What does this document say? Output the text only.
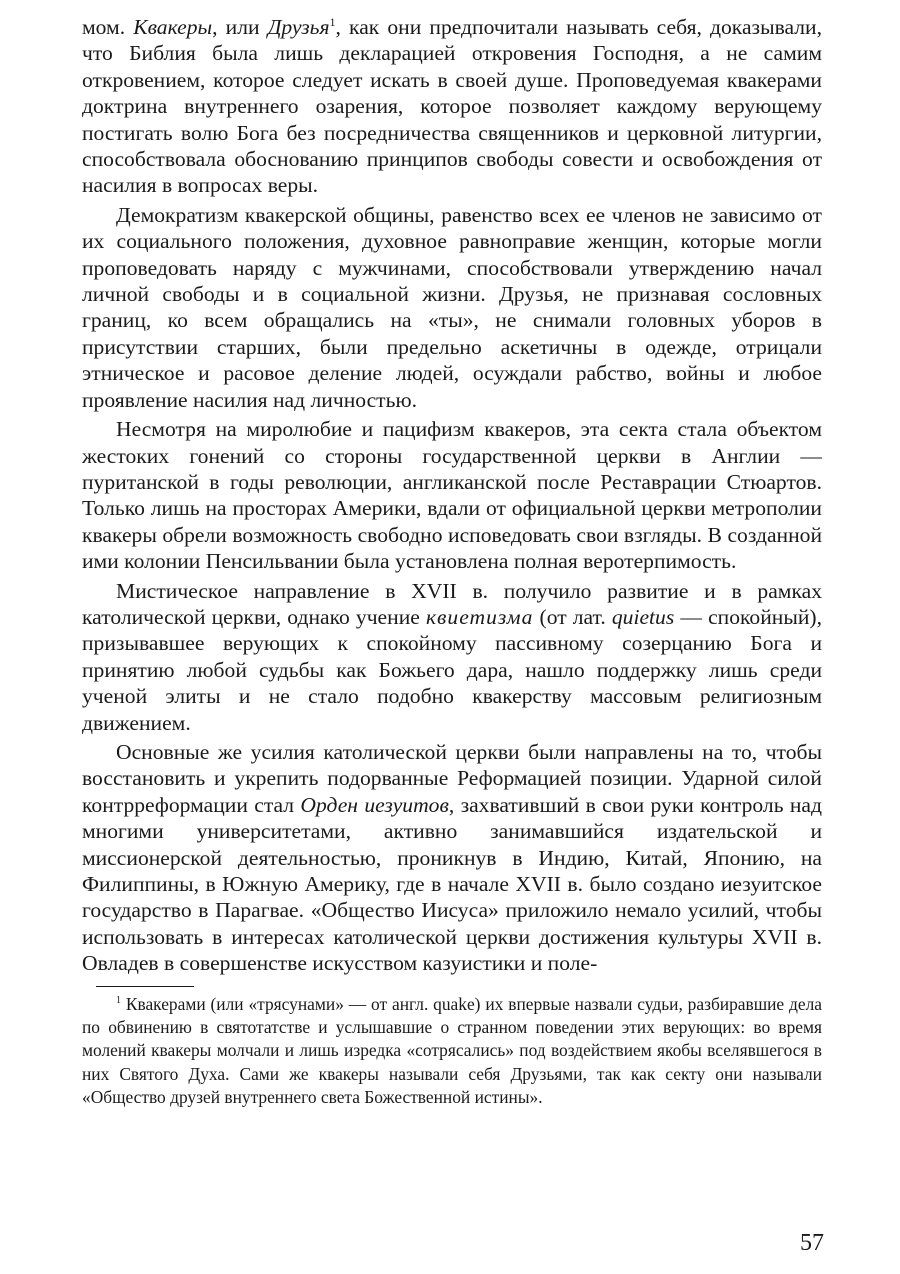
мом. Квакеры, или Друзья$^1$, как они предпочитали называть себя, доказывали, что Библия была лишь декларацией откровения Господня, а не самим откровением, которое следует искать в своей душе. Проповедуемая квакерами доктрина внутреннего озарения, которое позволяет каждому верующему постигать волю Бога без посредничества священников и церковной литургии, способствовала обоснованию принципов свободы совести и освобождения от насилия в вопросах веры.

Демократизм квакерской общины, равенство всех ее членов не зависимо от их социального положения, духовное равноправие женщин, которые могли проповедовать наряду с мужчинами, способствовали утверждению начал личной свободы и в социальной жизни. Друзья, не признавая сословных границ, ко всем обращались на «ты», не снимали головных уборов в присутствии старших, были предельно аскетичны в одежде, отрицали этническое и расовое деление людей, осуждали рабство, войны и любое проявление насилия над личностью.

Несмотря на миролюбие и пацифизм квакеров, эта секта стала объектом жестоких гонений со стороны государственной церкви в Англии — пуританской в годы революции, англиканской после Реставрации Стюартов. Только лишь на просторах Америки, вдали от официальной церкви метрополии квакеры обрели возможность свободно исповедовать свои взгляды. В созданной ими колонии Пенсильвании была установлена полная веротерпимость.

Мистическое направление в XVII в. получило развитие и в рамках католической церкви, однако учение квиетизма (от лат. quietus — спокойный), призывавшее верующих к спокойному пассивному созерцанию Бога и принятию любой судьбы как Божьего дара, нашло поддержку лишь среди ученой элиты и не стало подобно квакерству массовым религиозным движением.

Основные же усилия католической церкви были направлены на то, чтобы восстановить и укрепить подорванные Реформацией позиции. Ударной силой контрреформации стал Орден иезуитов, захвативший в свои руки контроль над многими университетами, активно занимавшийся издательской и миссионерской деятельностью, проникнув в Индию, Китай, Японию, на Филиппины, в Южную Америку, где в начале XVII в. было создано иезуитское государство в Парагвае. «Общество Иисуса» приложило немало усилий, чтобы использовать в интересах католической церкви достижения культуры XVII в. Овладев в совершенстве искусством казуистики и поле-

$^1$ Квакерами (или «трясунами» — от англ. quake) их впервые назвали судьи, разбиравшие дела по обвинению в святотатстве и услышавшие о странном поведении этих верующих: во время молений квакеры молчали и лишь изредка «сотрясались» под воздействием якобы вселявшегося в них Святого Духа. Сами же квакеры называли себя Друзьями, так как секту они называли «Общество друзей внутреннего света Божественной истины».

57
